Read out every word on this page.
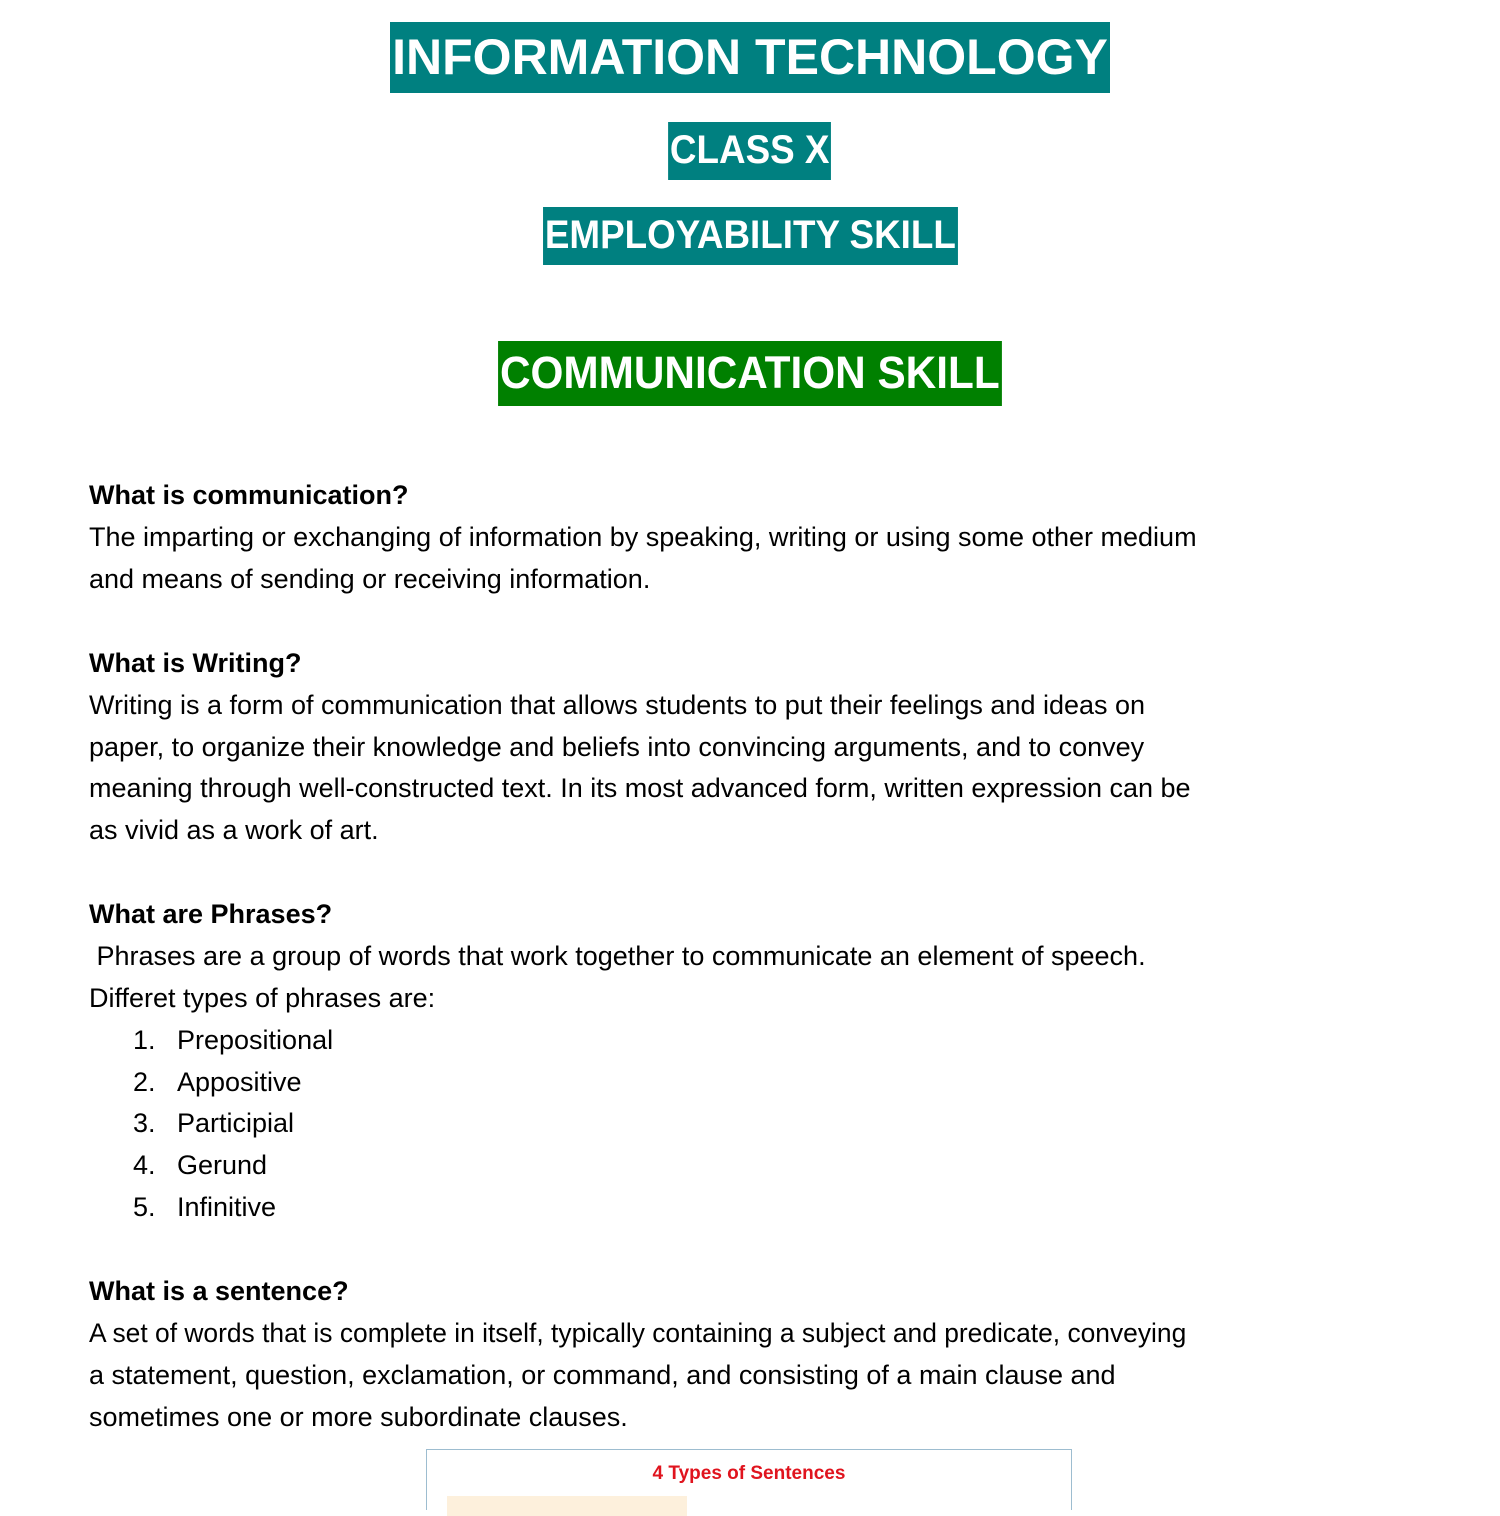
INFORMATION TECHNOLOGY
CLASS X
EMPLOYABILITY SKILL
COMMUNICATION SKILL
What is communication?
The imparting or exchanging of information by speaking, writing or using some other medium
and means of sending or receiving information.
What is Writing?
Writing is a form of communication that allows students to put their feelings and ideas on
paper, to organize their knowledge and beliefs into convincing arguments, and to convey
meaning through well-constructed text. In its most advanced form, written expression can be
as vivid as a work of art.
What are Phrases?
Phrases are a group of words that work together to communicate an element of speech.
Differet types of phrases are:
1. Prepositional
2. Appositive
3. Participial
4. Gerund
5. Infinitive
What is a sentence?
A set of words that is complete in itself, typically containing a subject and predicate, conveying
a statement, question, exclamation, or command, and consisting of a main clause and
sometimes one or more subordinate clauses.
4 Types of Sentences
